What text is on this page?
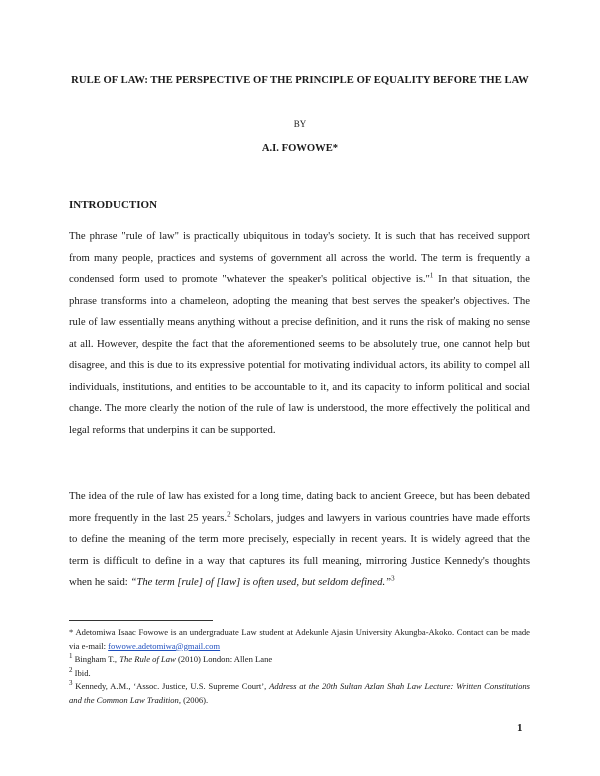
RULE OF LAW: THE PERSPECTIVE OF THE PRINCIPLE OF EQUALITY BEFORE THE LAW
BY
A.I. FOWOWE*
INTRODUCTION

The phrase "rule of law" is practically ubiquitous in today's society. It is such that has received support from many people, practices and systems of government all across the world. The term is frequently a condensed form used to promote "whatever the speaker's political objective is."$^1$ In that situation, the phrase transforms into a chameleon, adopting the meaning that best serves the speaker's objectives. The rule of law essentially means anything without a precise definition, and it runs the risk of making no sense at all. However, despite the fact that the aforementioned seems to be absolutely true, one cannot help but disagree, and this is due to its expressive potential for motivating individual actors, its ability to compel all individuals, institutions, and entities to be accountable to it, and its capacity to inform political and social change. The more clearly the notion of the rule of law is understood, the more effectively the political and legal reforms that underpins it can be supported.

The idea of the rule of law has existed for a long time, dating back to ancient Greece, but has been debated more frequently in the last 25 years.$^2$ Scholars, judges and lawyers in various countries have made efforts to define the meaning of the term more precisely, especially in recent years. It is widely agreed that the term is difficult to define in a way that captures its full meaning, mirroring Justice Kennedy's thoughts when he said: “The term [rule] of [law] is often used, but seldom defined.”$^3$

* Adetomiwa Isaac Fowowe is an undergraduate Law student at Adekunle Ajasin University Akungba-Akoko. Contact can be made via e-mail: fowowe.adetomiwa@gmail.com

$^1$ Bingham T., The Rule of Law (2010) London: Allen Lane

$^2$ Ibid.

$^3$ Kennedy, A.M., ‘Assoc. Justice, U.S. Supreme Court’, Address at the 20th Sultan Azlan Shah Law Lecture: Written Constitutions and the Common Law Tradition, (2006).

1
